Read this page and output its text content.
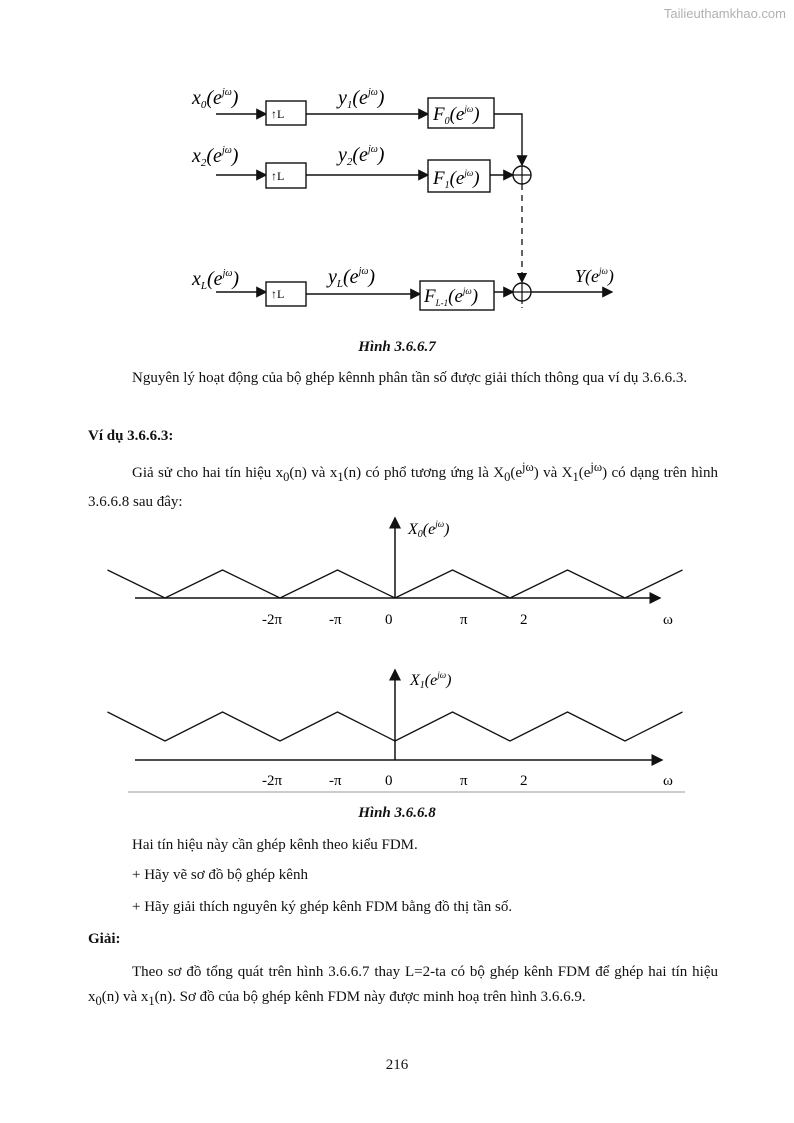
Tailieuthamkhao.com
$x_0(e^{j\omega})$
↑L
$y_1(e^{j\omega})$
$F_0(e^{j\omega})$
$x_2(e^{j\omega})$
↑L
$y_2(e^{j\omega})$
$F_1(e^{j\omega})$
$x_L(e^{j\omega})$
↑L
$y_L(e^{j\omega})$
$F_{L-1}(e^{j\omega})$
$Y(e^{j\omega})$
Hình 3.6.6.7

Nguyên lý hoạt động của bộ ghép kênnh phân tần số được giải thích thông qua ví dụ 3.6.6.3.

Ví dụ 3.6.6.3:

Giả sử cho hai tín hiệu $x_0(n)$ và $x_1(n)$ có phổ tương ứng là $X_0(e^{j\omega})$ và $X_1(e^{j\omega})$ có dạng trên hình 3.6.6.8 sau đây:

$X0(e^{j\omega})$
-2π	-π	0	π	2	ω
$X1(e^{j\omega})$
-2π	-π	0	π	2	ω
Hình 3.6.6.8

Hai tín hiệu này cần ghép kênh theo kiểu FDM.

+ Hãy vẽ sơ đồ bộ ghép kênh

+ Hãy giải thích nguyên ký ghép kênh FDM bằng đồ thị tần số.

Giải:

Theo sơ đồ tổng quát trên hình 3.6.6.7 thay L=2-ta có bộ ghép kênh FDM để ghép hai tín hiệu $x_0(n)$ và $x_1(n)$. Sơ đồ của bộ ghép kênh FDM này được minh hoạ trên hình 3.6.6.9.

216
